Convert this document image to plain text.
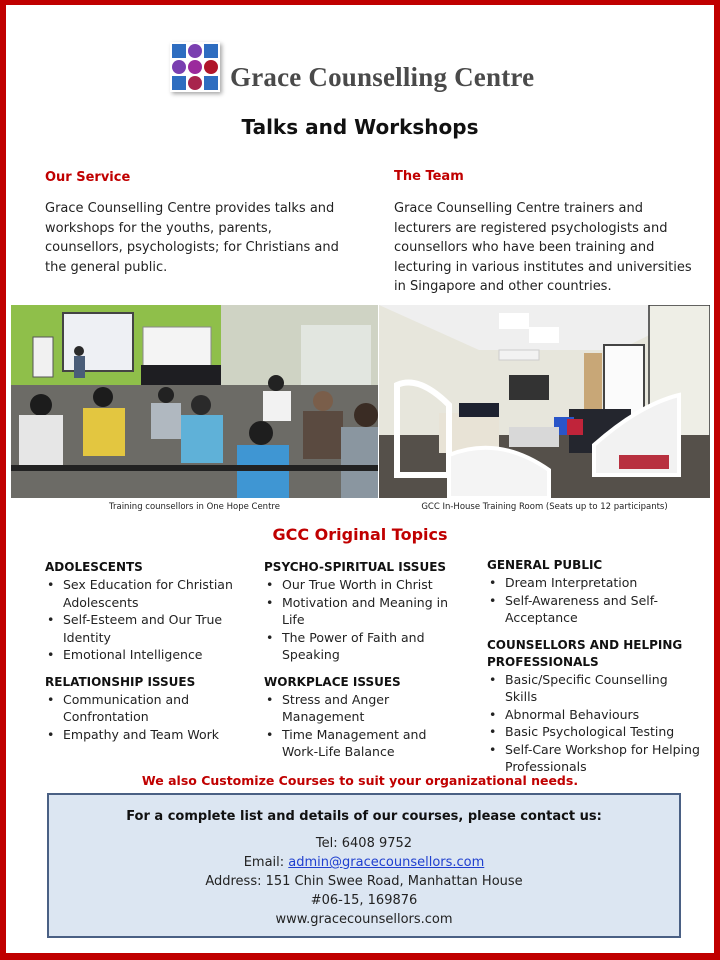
Grace Counselling Centre
Talks and Workshops
Our Service
Grace Counselling Centre provides talks and workshops for the youths, parents, counsellors, psychologists; for Christians and the general public.
The Team
Grace Counselling Centre trainers and lecturers are registered psychologists and counsellors who have been training and lecturing in various institutes and universities in Singapore and other countries.
Training counsellors in One Hope Centre	GCC In-House Training Room (Seats up to 12 participants)
GCC Original Topics
ADOLESCENTS
• Sex Education for Christian Adolescents
• Self-Esteem and Our True Identity
• Emotional Intelligence
RELATIONSHIP ISSUES
• Communication and Confrontation
• Empathy and Team Work
PSYCHO-SPIRITUAL ISSUES
• Our True Worth in Christ
• Motivation and Meaning in Life
• The Power of Faith and Speaking
WORKPLACE ISSUES
• Stress and Anger Management
• Time Management and Work-Life Balance
GENERAL PUBLIC
• Dream Interpretation
• Self-Awareness and Self-Acceptance
COUNSELLORS AND HELPING PROFESSIONALS
• Basic/Specific Counselling Skills
• Abnormal Behaviours
• Basic Psychological Testing
• Self-Care Workshop for Helping Professionals
We also Customize Courses to suit your organizational needs.
For a complete list and details of our courses, please contact us:
Tel: 6408 9752
Email: admin@gracecounsellors.com
Address: 151 Chin Swee Road, Manhattan House
#06-15, 169876
www.gracecounsellors.com
